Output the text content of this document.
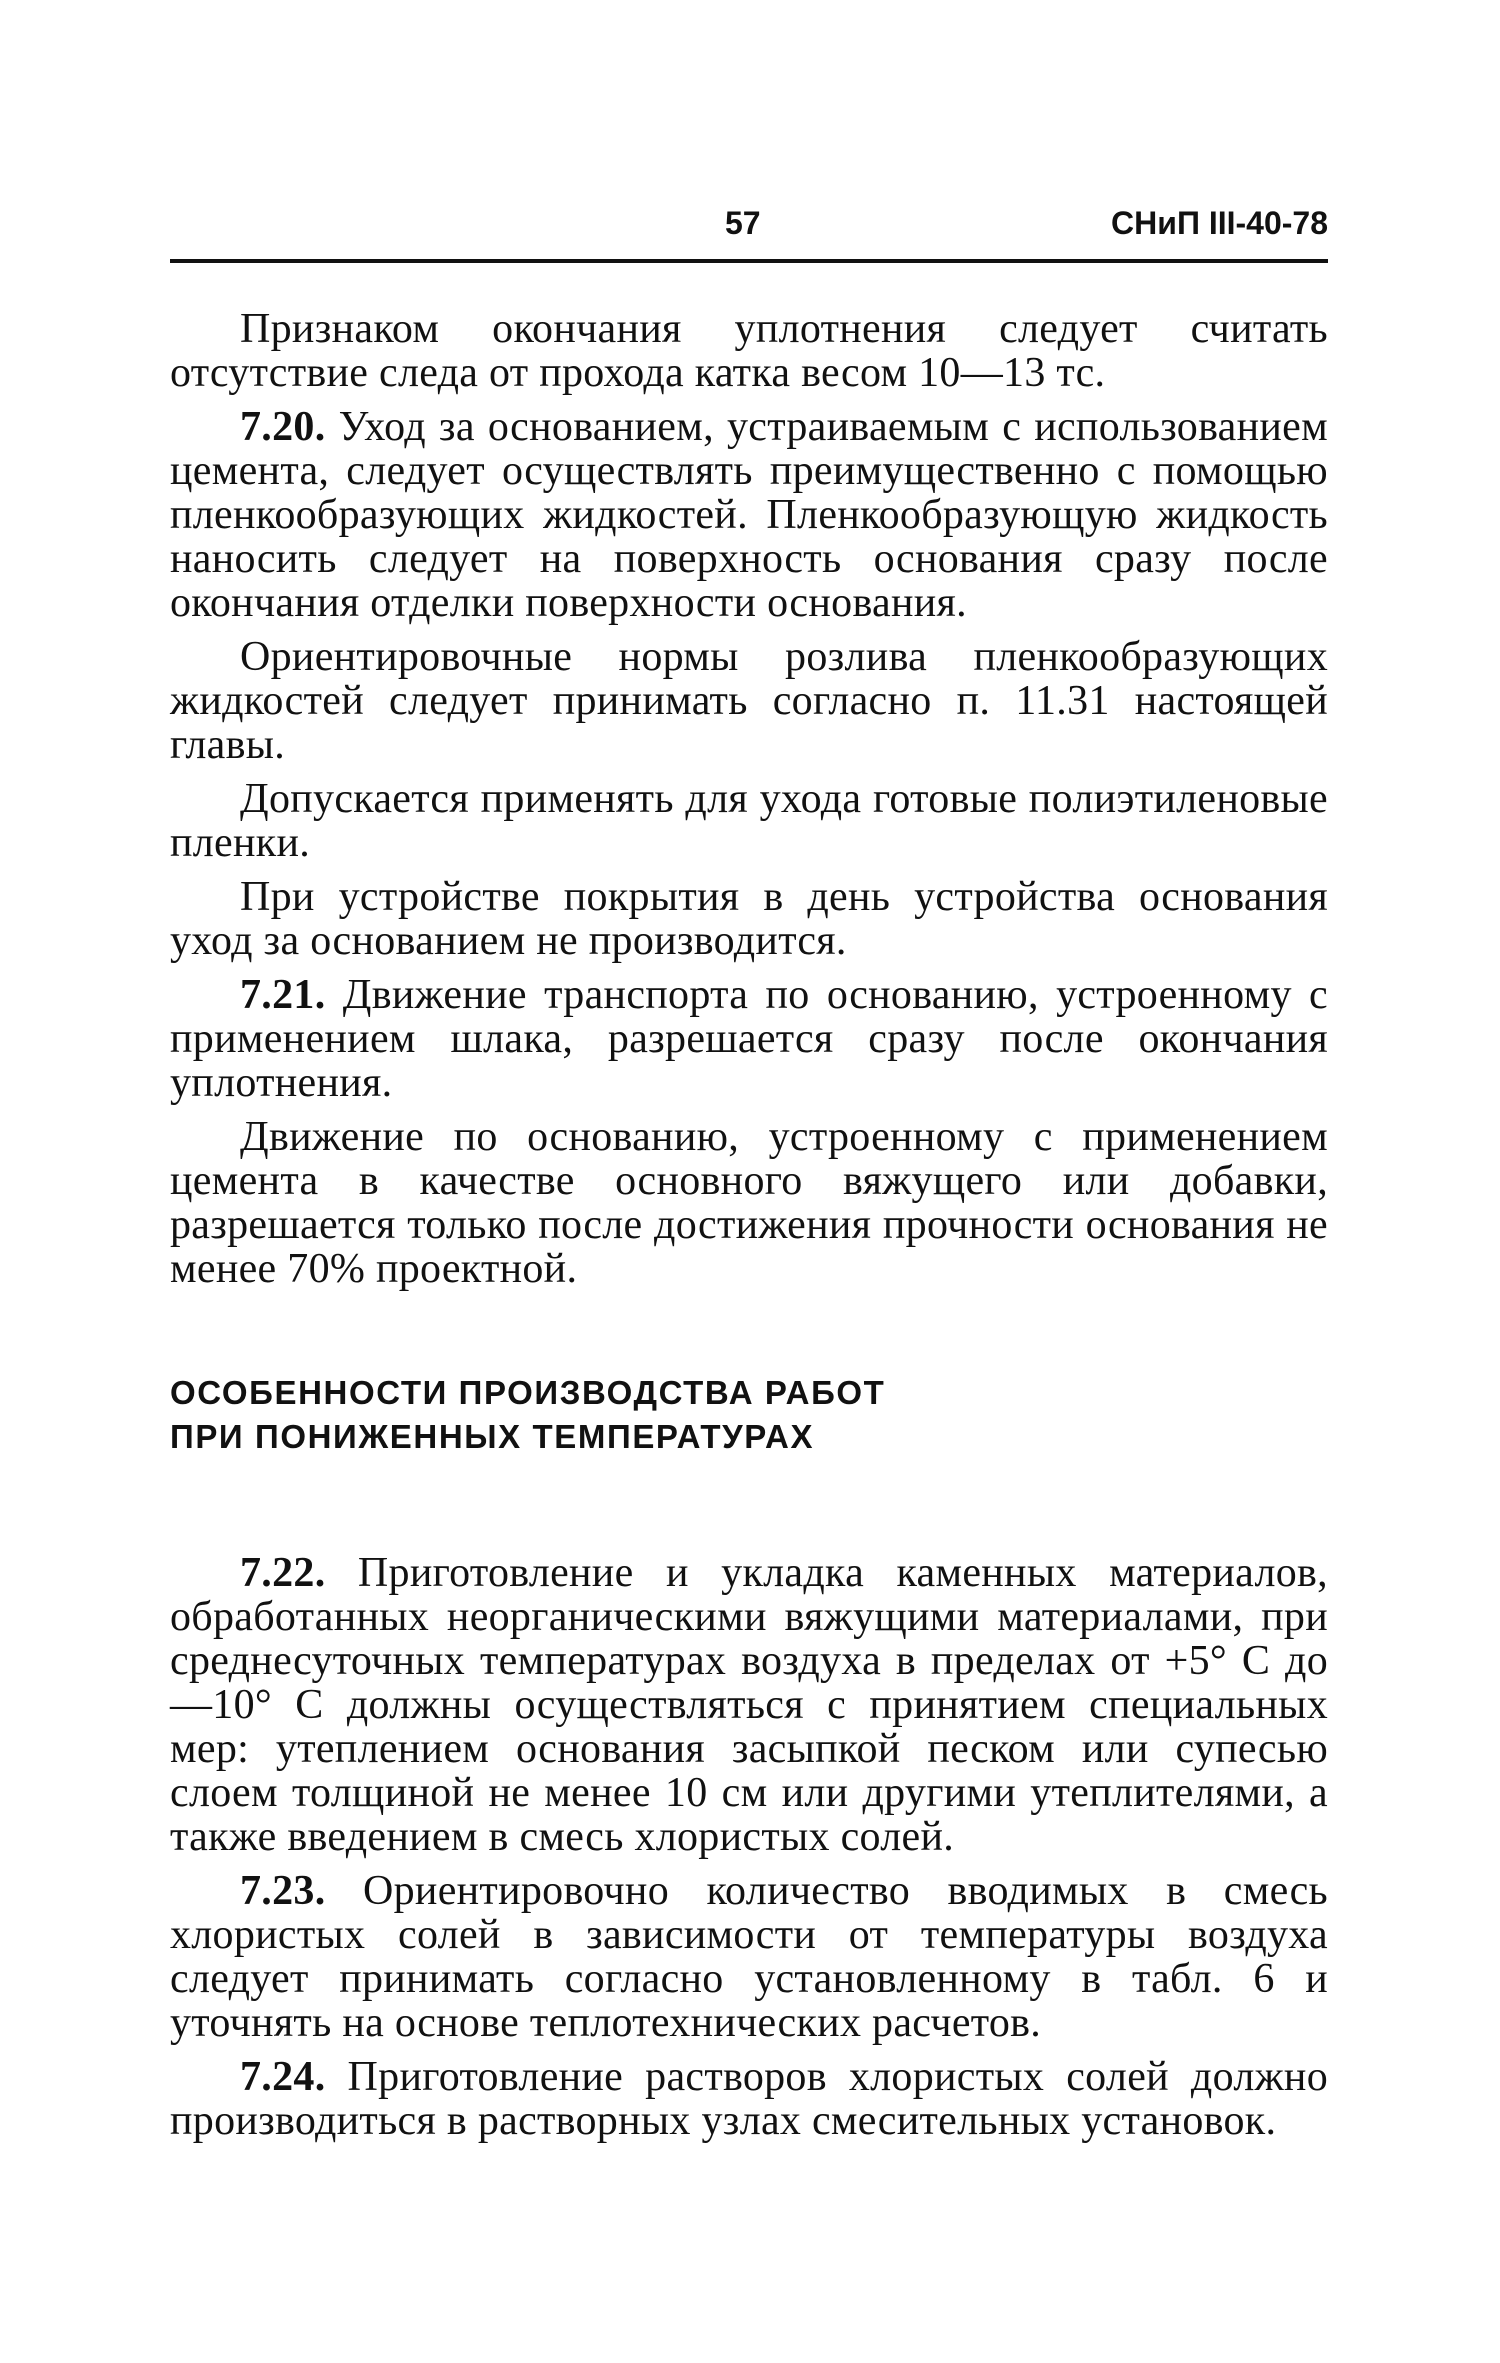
57	СНиП III-40-78

Признаком окончания уплотнения следует считать отсутствие следа от прохода катка весом 10—13 тс.

7.20. Уход за основанием, устраиваемым с использованием цемента, следует осуществлять преимущественно с помощью пленкообразующих жидкостей. Пленкообразующую жидкость наносить следует на поверхность основания сразу после окончания отделки поверхности основания.

Ориентировочные нормы розлива пленкообразующих жидкостей следует принимать согласно п. 11.31 настоящей главы.

Допускается применять для ухода готовые полиэтиленовые пленки.

При устройстве покрытия в день устройства основания уход за основанием не производится.

7.21. Движение транспорта по основанию, устроенному с применением шлака, разрешается сразу после окончания уплотнения.

Движение по основанию, устроенному с применением цемента в качестве основного вяжущего или добавки, разрешается только после достижения прочности основания не менее 70% проектной.

ОСОБЕННОСТИ ПРОИЗВОДСТВА РАБОТ
ПРИ ПОНИЖЕННЫХ ТЕМПЕРАТУРАХ

7.22. Приготовление и укладка каменных материалов, обработанных неорганическими вяжущими материалами, при среднесуточных температурах воздуха в пределах от +5° С до —10° С должны осуществляться с принятием специальных мер: утеплением основания засыпкой песком или супесью слоем толщиной не менее 10 см или другими утеплителями, а также введением в смесь хлористых солей.

7.23. Ориентировочно количество вводимых в смесь хлористых солей в зависимости от температуры воздуха следует принимать согласно установленному в табл. 6 и уточнять на основе теплотехнических расчетов.

7.24. Приготовление растворов хлористых солей должно производиться в растворных узлах смесительных установок.
